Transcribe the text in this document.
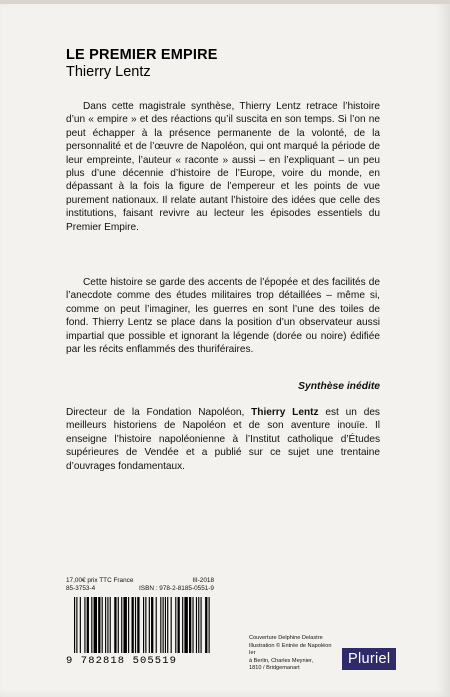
LE PREMIER EMPIRE
Thierry Lentz

Dans cette magistrale synthèse, Thierry Lentz retrace l’histoire d’un « empire » et des réactions qu’il suscita en son temps. Si l’on ne peut échapper à la présence permanente de la volonté, de la personnalité et de l’œuvre de Napoléon, qui ont marqué la période de leur empreinte, l’auteur « raconte » aussi – en l’expliquant – un peu plus d’une décennie d’histoire de l’Europe, voire du monde, en dépassant à la fois la figure de l’empereur et les points de vue purement nationaux. Il relate autant l’histoire des idées que celle des institutions, faisant revivre au lecteur les épisodes essentiels du Premier Empire.

Cette histoire se garde des accents de l’épopée et des facilités de l’anecdote comme des études militaires trop détaillées – même si, comme on peut l’imaginer, les guerres en sont l’une des toiles de fond. Thierry Lentz se place dans la position d’un observateur aussi impartial que possible et ignorant la légende (dorée ou noire) édifiée par les récits enflammés des thuriféraires.

Synthèse inédite

Directeur de la Fondation Napoléon, Thierry Lentz est un des meilleurs historiens de Napoléon et de son aventure inouïe. Il enseigne l’histoire napoléonienne à l’Institut catholique d’Études supérieures de Vendée et a publié sur ce sujet une trentaine d’ouvrages fondamentaux.

17,00€ prix TTC France	III-2018
85-3753-4	ISBN : 978-2-8185-0551-9
9 782818 505519
Couverture Delphine Delastre
Illustration © Entrée de Napoléon Ier
à Berlin, Charles Meynier,
1810 / Bridgemanart
Pluriel
